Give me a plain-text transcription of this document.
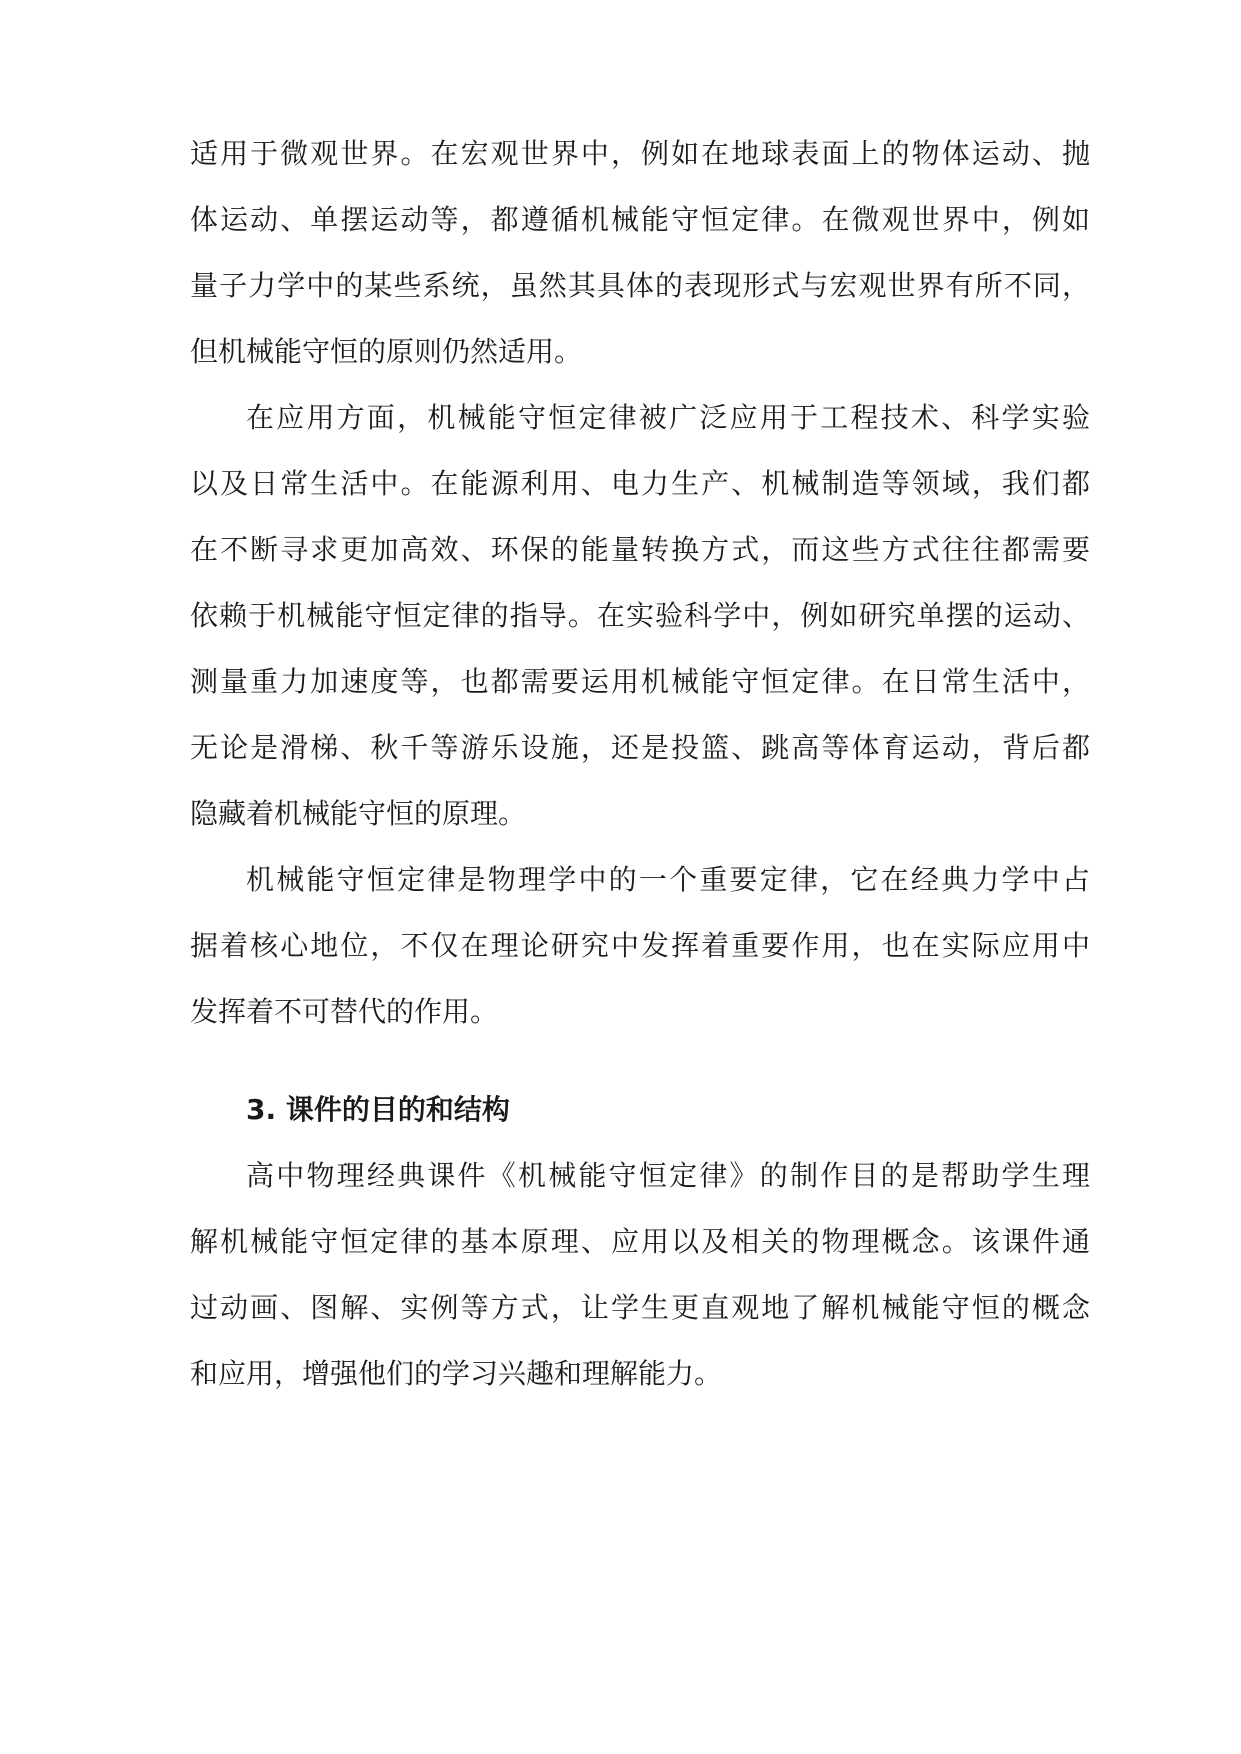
适用于微观世界。在宏观世界中，例如在地球表面上的物体运动、抛
体运动、单摆运动等，都遵循机械能守恒定律。在微观世界中，例如
量子力学中的某些系统，虽然其具体的表现形式与宏观世界有所不同，
但机械能守恒的原则仍然适用。
在应用方面，机械能守恒定律被广泛应用于工程技术、科学实验
以及日常生活中。在能源利用、电力生产、机械制造等领域，我们都
在不断寻求更加高效、环保的能量转换方式，而这些方式往往都需要
依赖于机械能守恒定律的指导。在实验科学中，例如研究单摆的运动、
测量重力加速度等，也都需要运用机械能守恒定律。在日常生活中，
无论是滑梯、秋千等游乐设施，还是投篮、跳高等体育运动，背后都
隐藏着机械能守恒的原理。
机械能守恒定律是物理学中的一个重要定律，它在经典力学中占
据着核心地位，不仅在理论研究中发挥着重要作用，也在实际应用中
发挥着不可替代的作用。
3. 课件的目的和结构
高中物理经典课件《机械能守恒定律》的制作目的是帮助学生理
解机械能守恒定律的基本原理、应用以及相关的物理概念。该课件通
过动画、图解、实例等方式，让学生更直观地了解机械能守恒的概念
和应用，增强他们的学习兴趣和理解能力。
